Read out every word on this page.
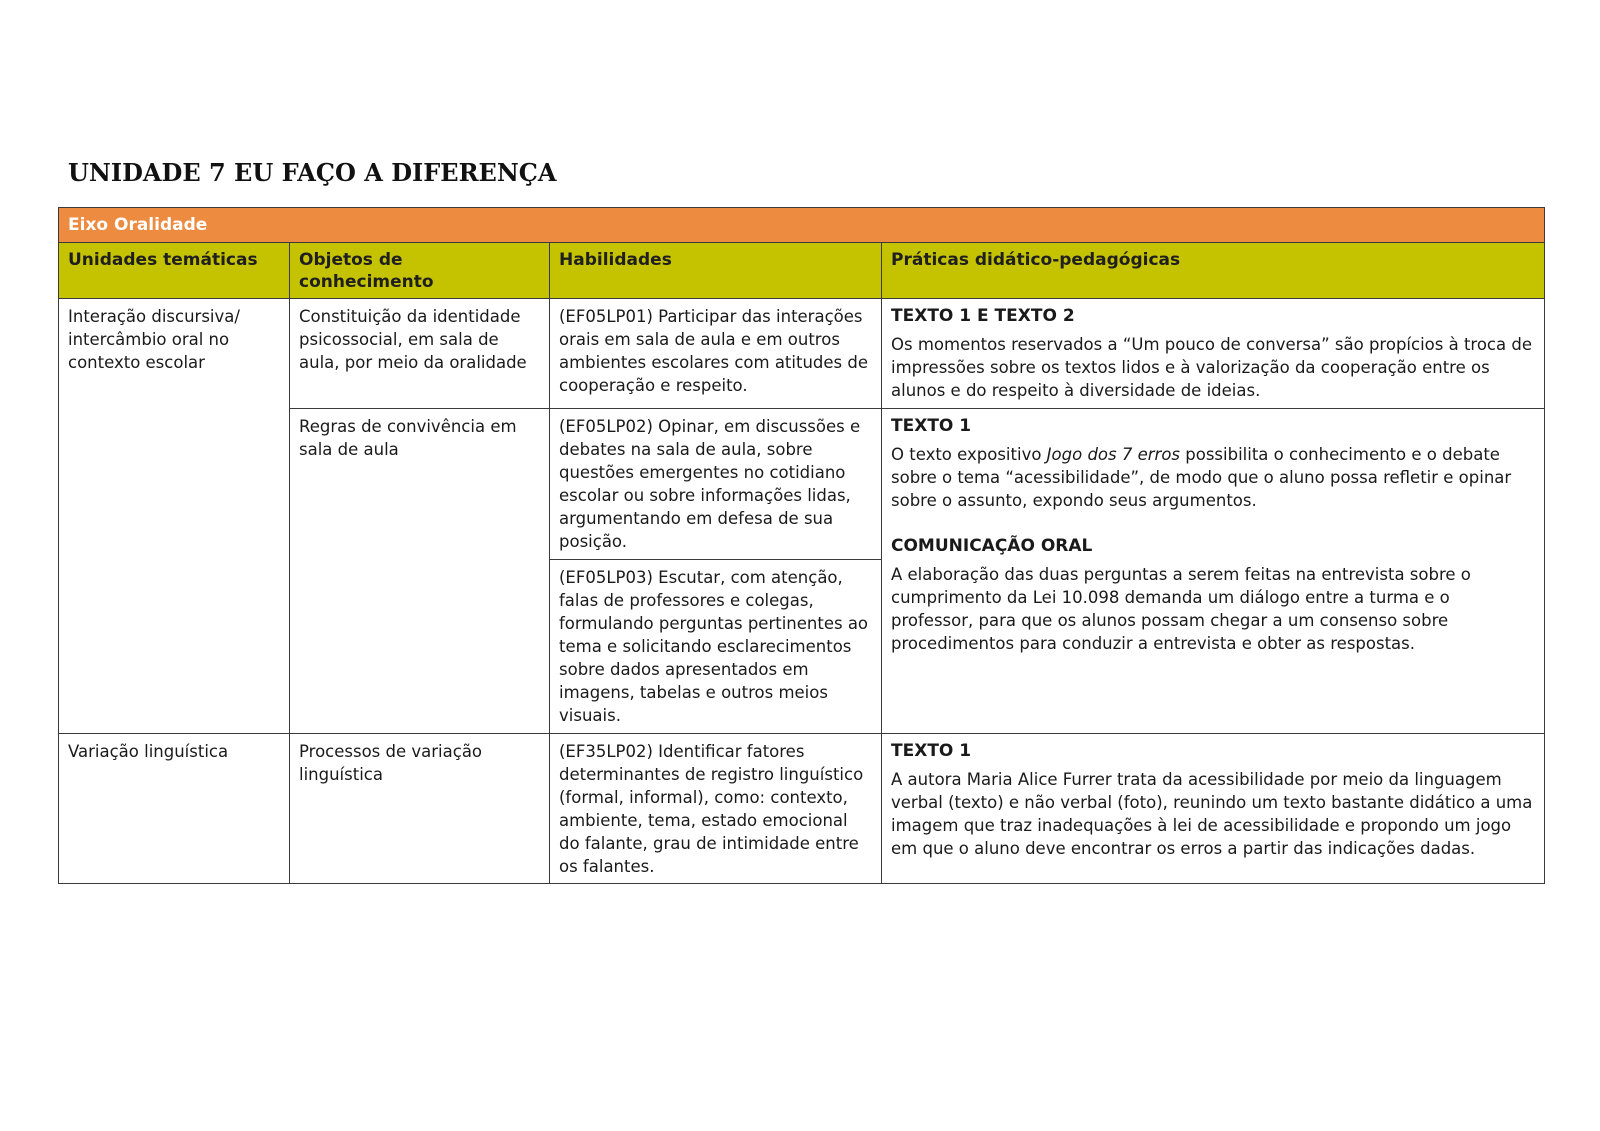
UNIDADE 7 EU FAÇO A DIFERENÇA
Eixo Oralidade			
Unidades temáticas	Objetos de conhecimento	Habilidades	Práticas didático-pedagógicas

Interação discursiva/ intercâmbio oral no contexto escolar	Constituição da identidade psicossocial, em sala de aula, por meio da oralidade	(EF05LP01) Participar das interações orais em sala de aula e em outros ambientes escolares com atitudes de cooperação e respeito.	TEXTO 1 E TEXTO 2

Os momentos reservados a “Um pouco de conversa” são propícios à troca de impressões sobre os textos lidos e à valorização da cooperação entre os alunos e do respeito à diversidade de ideias.

	Regras de convivência em sala de aula	(EF05LP02) Opinar, em discussões e debates na sala de aula, sobre questões emergentes no cotidiano escolar ou sobre informações lidas, argumentando em defesa de sua posição.	TEXTO 1

O texto expositivo Jogo dos 7 erros possibilita o conhecimento e o debate sobre o tema “acessibilidade”, de modo que o aluno possa refletir e opinar sobre o assunto, expondo seus argumentos.

COMUNICAÇÃO ORAL

A elaboração das duas perguntas a serem feitas na entrevista sobre o cumprimento da Lei 10.098 demanda um diálogo entre a turma e o professor, para que os alunos possam chegar a um consenso sobre procedimentos para conduzir a entrevista e obter as respostas.

		(EF05LP03) Escutar, com atenção, falas de professores e colegas, formulando perguntas pertinentes ao tema e solicitando esclarecimentos sobre dados apresentados em imagens, tabelas e outros meios visuais.	

Variação linguística	Processos de variação linguística	(EF35LP02) Identificar fatores determinantes de registro linguístico (formal, informal), como: contexto, ambiente, tema, estado emocional do falante, grau de intimidade entre os falantes.	TEXTO 1

A autora Maria Alice Furrer trata da acessibilidade por meio da linguagem verbal (texto) e não verbal (foto), reunindo um texto bastante didático a uma imagem que traz inadequações à lei de acessibilidade e propondo um jogo em que o aluno deve encontrar os erros a partir das indicações dadas.
